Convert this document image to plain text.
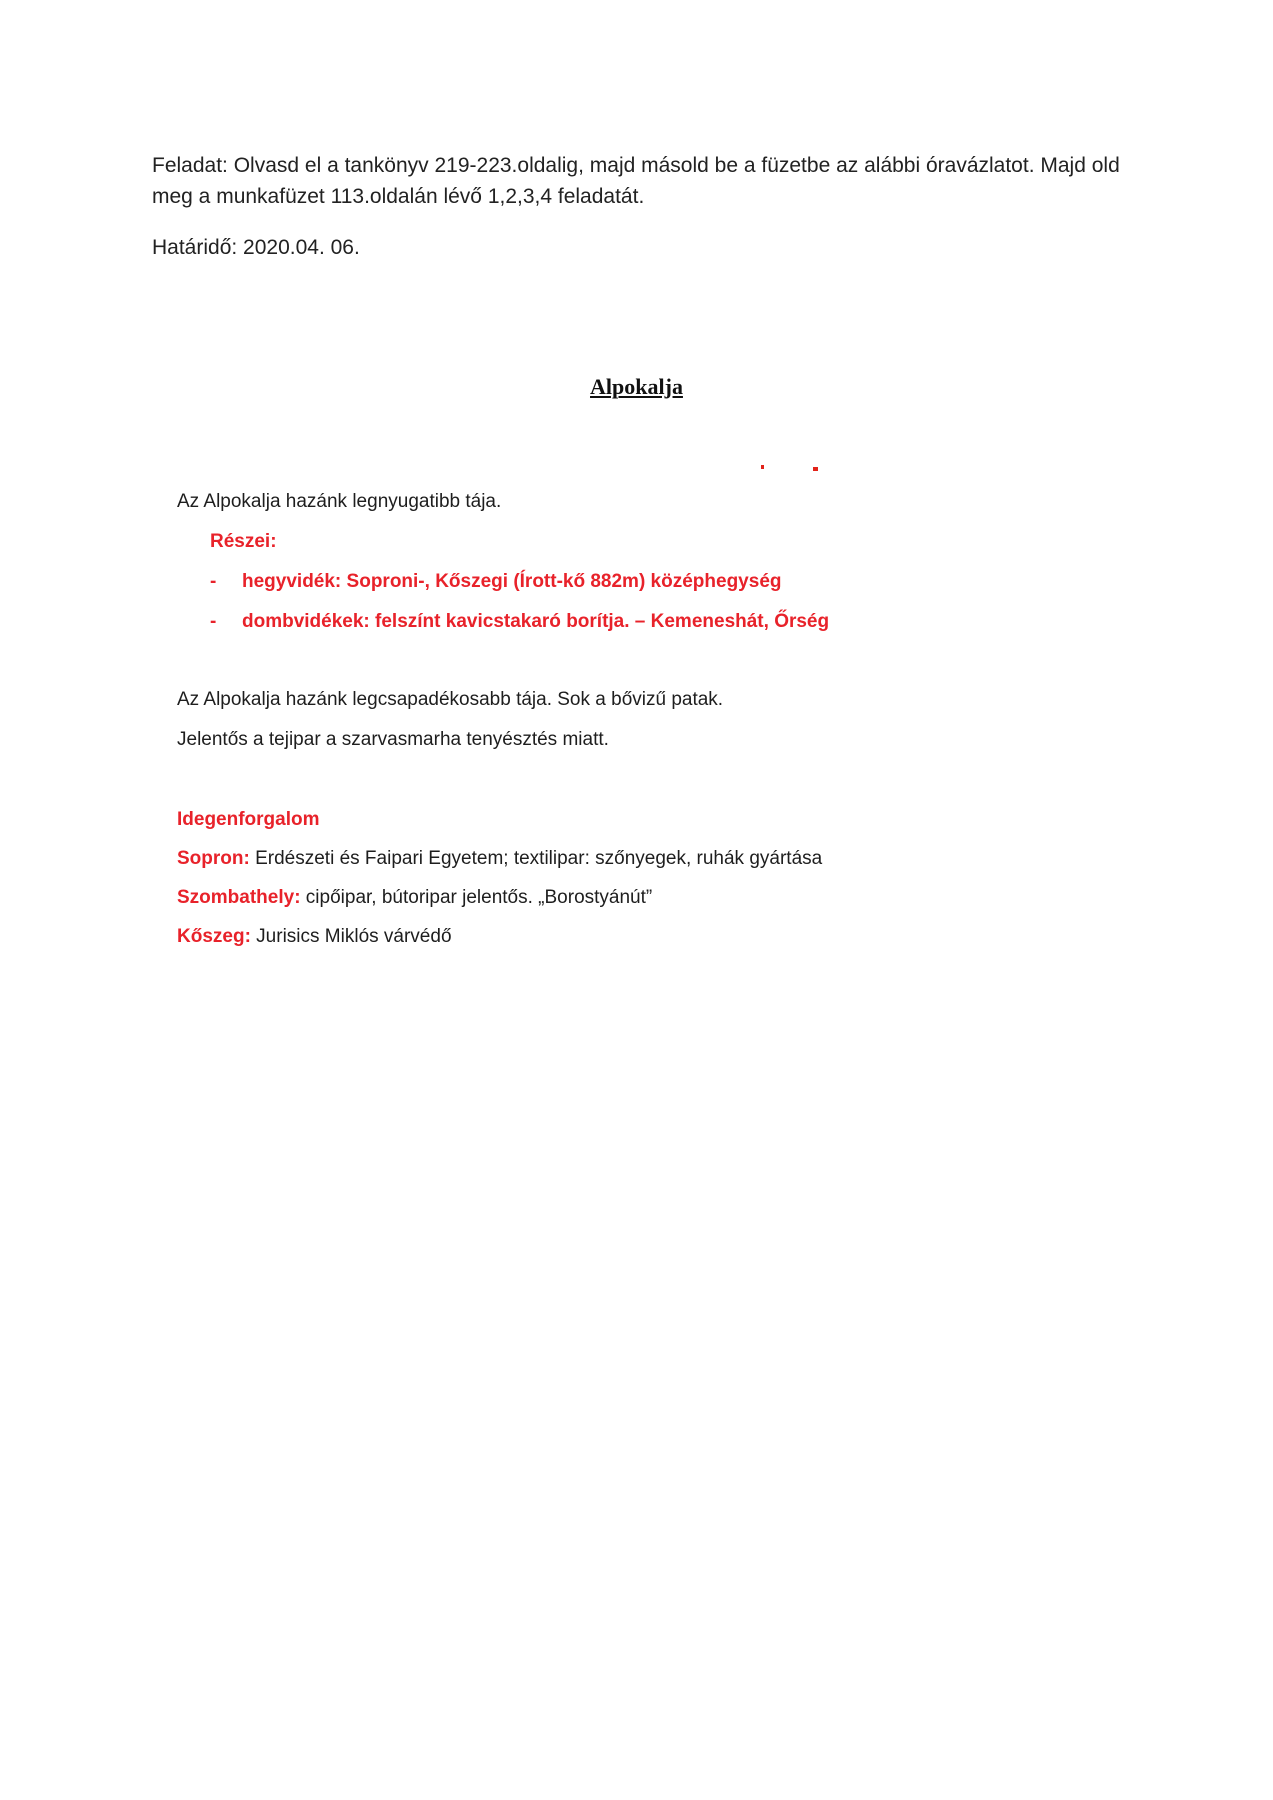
Feladat: Olvasd el a tankönyv 219-223.oldalig, majd másold be a füzetbe az alábbi óravázlatot. Majd old meg a munkafüzet 113.oldalán lévő 1,2,3,4 feladatát.
Határidő: 2020.04. 06.
Alpokalja
Az Alpokalja hazánk legnyugatibb tája.
Részei:
- hegyvidék: Soproni-, Kőszegi (Írott-kő 882m) középhegység
- dombvidékek: felszínt kavicstakaró borítja. – Kemeneshát, Őrség
Az Alpokalja hazánk legcsapadékosabb tája. Sok a bővizű patak.
Jelentős a tejipar a szarvasmarha tenyésztés miatt.
Idegenforgalom
Sopron: Erdészeti és Faipari Egyetem; textilipar: szőnyegek, ruhák gyártása
Szombathely: cipőipar, bútoripar jelentős. „Borostyánút”
Kőszeg: Jurisics Miklós várvédő
